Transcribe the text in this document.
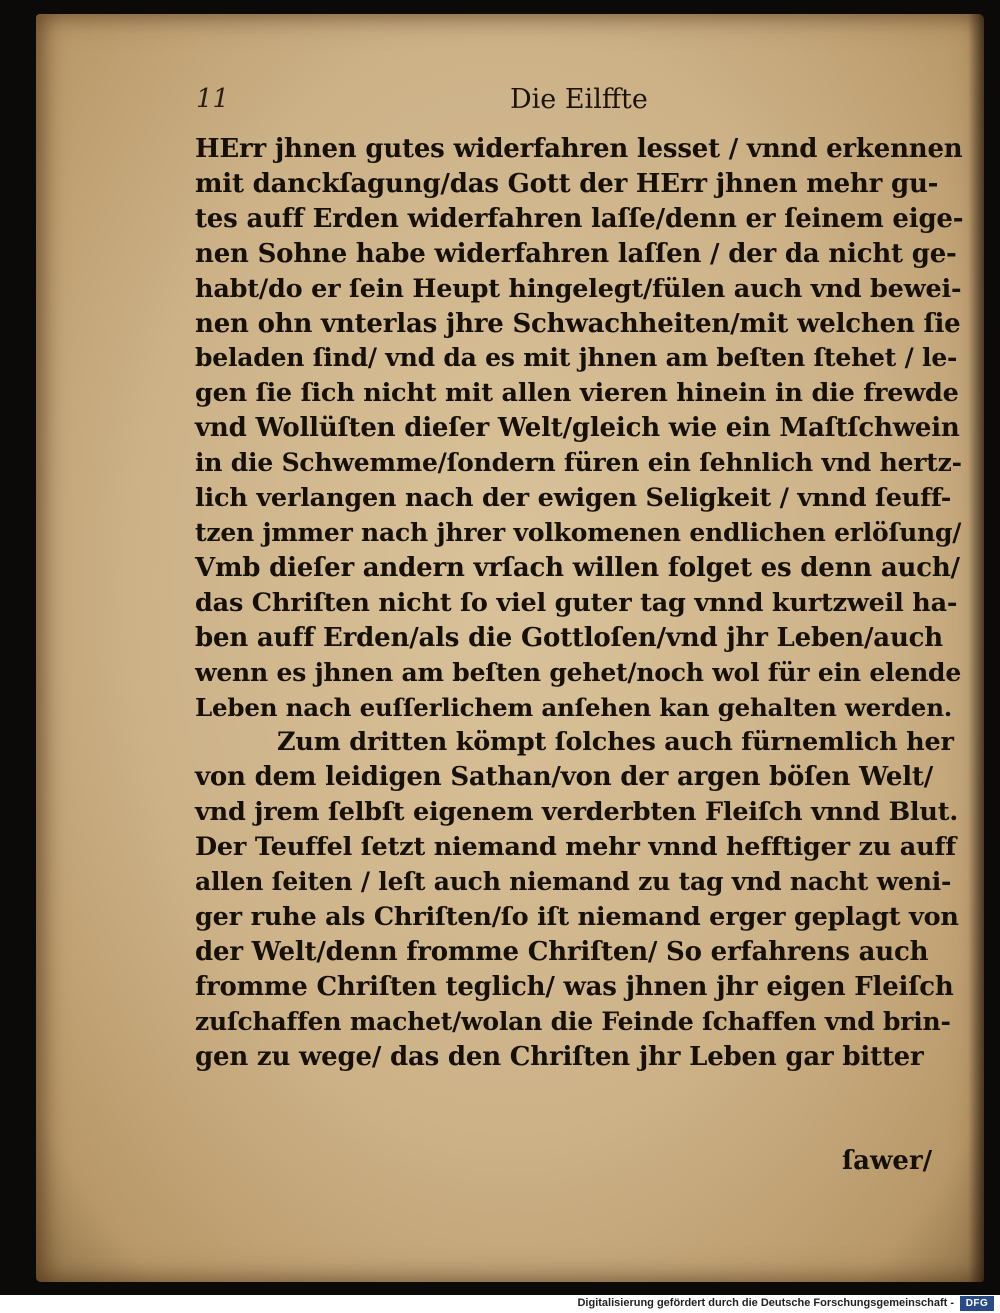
11	Die Eilffte
HErr jhnen gutes widerfahren lesset / vnnd erkennen
mit danckſagung/das Gott der HErr jhnen mehr gu-
tes auff Erden widerfahren laſſe/denn er ſeinem eige-
nen Sohne habe widerfahren laſſen / der da nicht ge-
habt/do er ſein Heupt hingelegt/fülen auch vnd bewei-
nen ohn vnterlas jhre Schwachheiten/mit welchen ſie
beladen ſind/ vnd da es mit jhnen am beſten ſtehet / le-
gen ſie ſich nicht mit allen vieren hinein in die frewde
vnd Wollüſten dieſer Welt/gleich wie ein Maſtſchwein
in die Schwemme/ſondern füren ein ſehnlich vnd hertz-
lich verlangen nach der ewigen Seligkeit / vnnd ſeuff-
tzen jmmer nach jhrer volkomenen endlichen erlöſung/
Vmb dieſer andern vrſach willen folget es denn auch/
das Chriſten nicht ſo viel guter tag vnnd kurtzweil ha-
ben auff Erden/als die Gottloſen/vnd jhr Leben/auch
wenn es jhnen am beſten gehet/noch wol für ein elende
Leben nach euſſerlichem anſehen kan gehalten werden.
Zum dritten kömpt ſolches auch fürnemlich her
von dem leidigen Sathan/von der argen böſen Welt/
vnd jrem ſelbſt eigenem verderbten Fleiſch vnnd Blut.
Der Teuffel ſetzt niemand mehr vnnd hefftiger zu auff
allen ſeiten / leſt auch niemand zu tag vnd nacht weni-
ger ruhe als Chriſten/ſo iſt niemand erger geplagt von
der Welt/denn fromme Chriſten/ So erfahrens auch
fromme Chriſten teglich/ was jhnen jhr eigen Fleiſch
zuſchaffen machet/wolan die Feinde ſchaffen vnd brin-
gen zu wege/ das den Chriſten jhr Leben gar bitter
ſawer/
Digitalisierung gefördert durch die Deutsche Forschungsgemeinschaft -	DFG
